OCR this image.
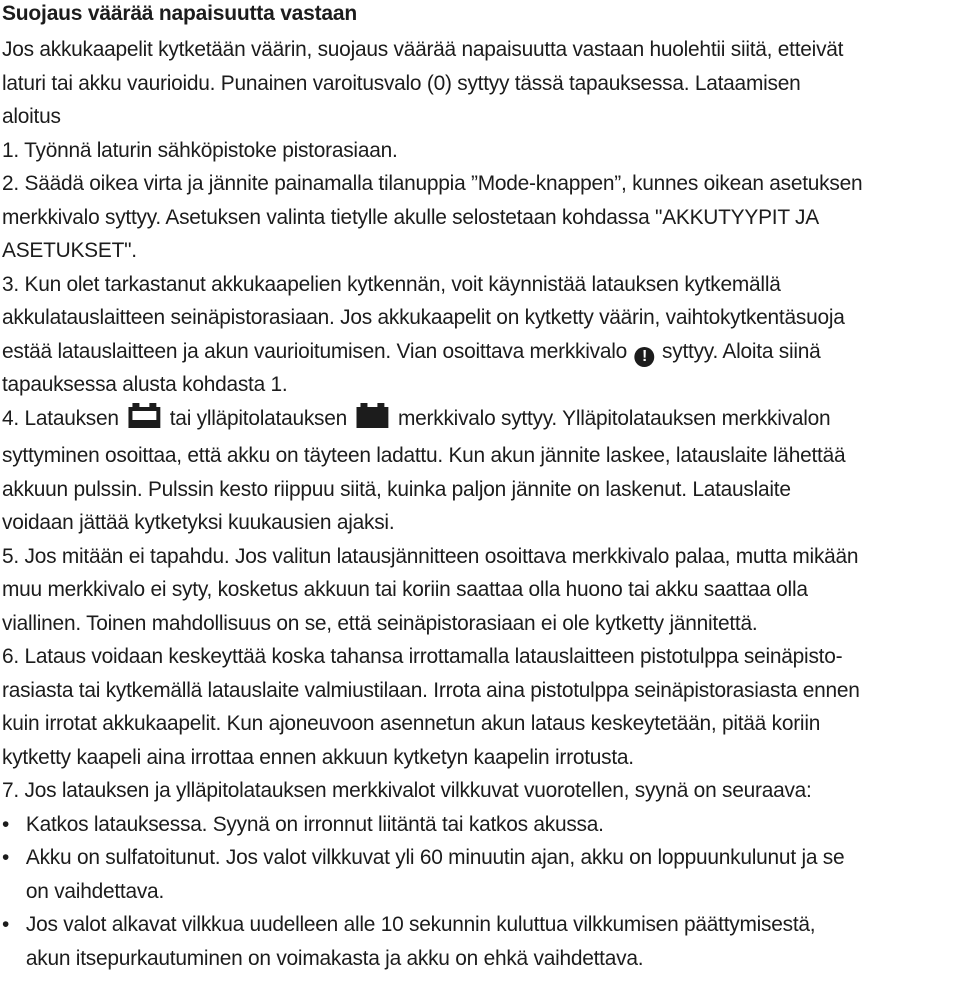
Suojaus väärää napaisuutta vastaan
Jos akkukaapelit kytketään väärin, suojaus väärää napaisuutta vastaan huolehtii siitä, etteivät
laturi tai akku vaurioidu. Punainen varoitusvalo (0) syttyy tässä tapauksessa. Lataamisen
aloitus
1. Työnnä laturin sähköpistoke pistorasiaan.
2. Säädä oikea virta ja jännite painamalla tilanuppia ”Mode-knappen”, kunnes oikean asetuksen
merkkivalo syttyy. Asetuksen valinta tietylle akulle selostetaan kohdassa "AKKUTYYPIT JA
ASETUKSET".
3. Kun olet tarkastanut akkukaapelien kytkennän, voit käynnistää latauksen kytkemällä
akkulatauslaitteen seinäpistorasiaan. Jos akkukaapelit on kytketty väärin, vaihtokytkentäsuoja
estää latauslaitteen ja akun vaurioitumisen. Vian osoittava merkkivalo ! syttyy. Aloita siinä
tapauksessa alusta kohdasta 1.
4. Latauksen tai ylläpitolatauksen merkkivalo syttyy. Ylläpitolatauksen merkkivalon
syttyminen osoittaa, että akku on täyteen ladattu. Kun akun jännite laskee, latauslaite lähettää
akkuun pulssin. Pulssin kesto riippuu siitä, kuinka paljon jännite on laskenut. Latauslaite
voidaan jättää kytketyksi kuukausien ajaksi.
5. Jos mitään ei tapahdu. Jos valitun latausjännitteen osoittava merkkivalo palaa, mutta mikään
muu merkkivalo ei syty, kosketus akkuun tai koriin saattaa olla huono tai akku saattaa olla
viallinen. Toinen mahdollisuus on se, että seinäpistorasiaan ei ole kytketty jännitettä.
6. Lataus voidaan keskeyttää koska tahansa irrottamalla latauslaitteen pistotulppa seinäpisto-
rasiasta tai kytkemällä latauslaite valmiustilaan. Irrota aina pistotulppa seinäpistorasiasta ennen
kuin irrotat akkukaapelit. Kun ajoneuvoon asennetun akun lataus keskeytetään, pitää koriin
kytketty kaapeli aina irrottaa ennen akkuun kytketyn kaapelin irrotusta.
7. Jos latauksen ja ylläpitolatauksen merkkivalot vilkkuvat vuorotellen, syynä on seuraava:
• Katkos latauksessa. Syynä on irronnut liitäntä tai katkos akussa.
• Akku on sulfatoitunut. Jos valot vilkkuvat yli 60 minuutin ajan, akku on loppuunkulunut ja se
on vaihdettava.
• Jos valot alkavat vilkkua uudelleen alle 10 sekunnin kuluttua vilkkumisen päättymisestä,
akun itsepurkautuminen on voimakasta ja akku on ehkä vaihdettava.
